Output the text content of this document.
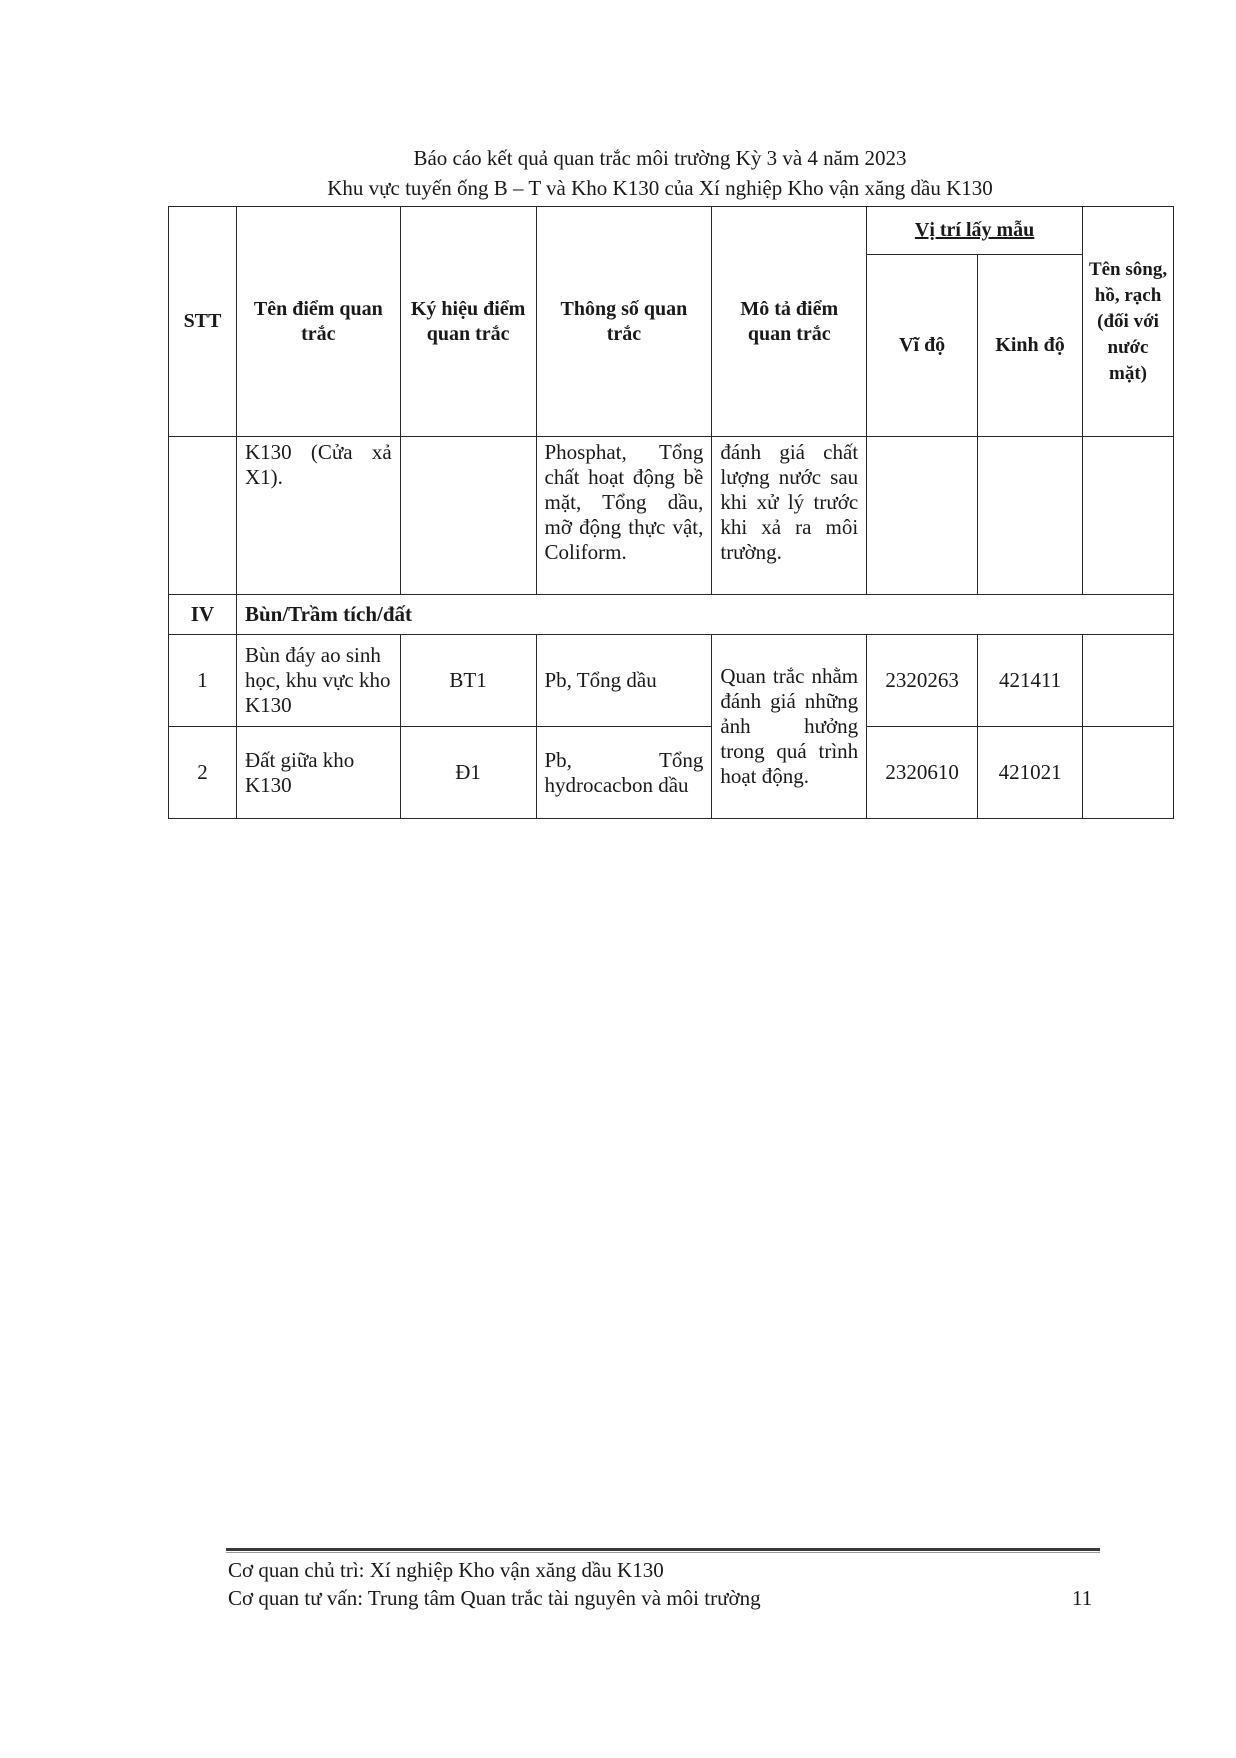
Báo cáo kết quả quan trắc môi trường Kỳ 3 và 4 năm 2023
Khu vực tuyến ống B – T và Kho K130 của Xí nghiệp Kho vận xăng dầu K130
STT	Tên điểm quan trắc	Ký hiệu điểm quan trắc	Thông số quan trắc	Mô tả điểm quan trắc	Vị trí lấy mẫu		Tên sông, hồ, rạch (đối với nước mặt)
					Vĩ độ	Kinh độ	
	K130 (Cửa xả X1).		Phosphat, Tổng chất hoạt động bề mặt, Tổng dầu, mỡ động thực vật, Coliform.	đánh giá chất lượng nước sau khi xử lý trước khi xả ra môi trường.			
IV	Bùn/Trầm tích/đất						
1	Bùn đáy ao sinh học, khu vực kho K130	BT1	Pb, Tổng dầu	Quan trắc nhằm đánh giá những ảnh hưởng trong quá trình hoạt động.	2320263	421411	
2	Đất giữa kho K130	Đ1	Pb, Tổng hydrocacbon dầu		2320610	421021	
Cơ quan chủ trì: Xí nghiệp Kho vận xăng dầu K130
Cơ quan tư vấn: Trung tâm Quan trắc tài nguyên và môi trường	11
